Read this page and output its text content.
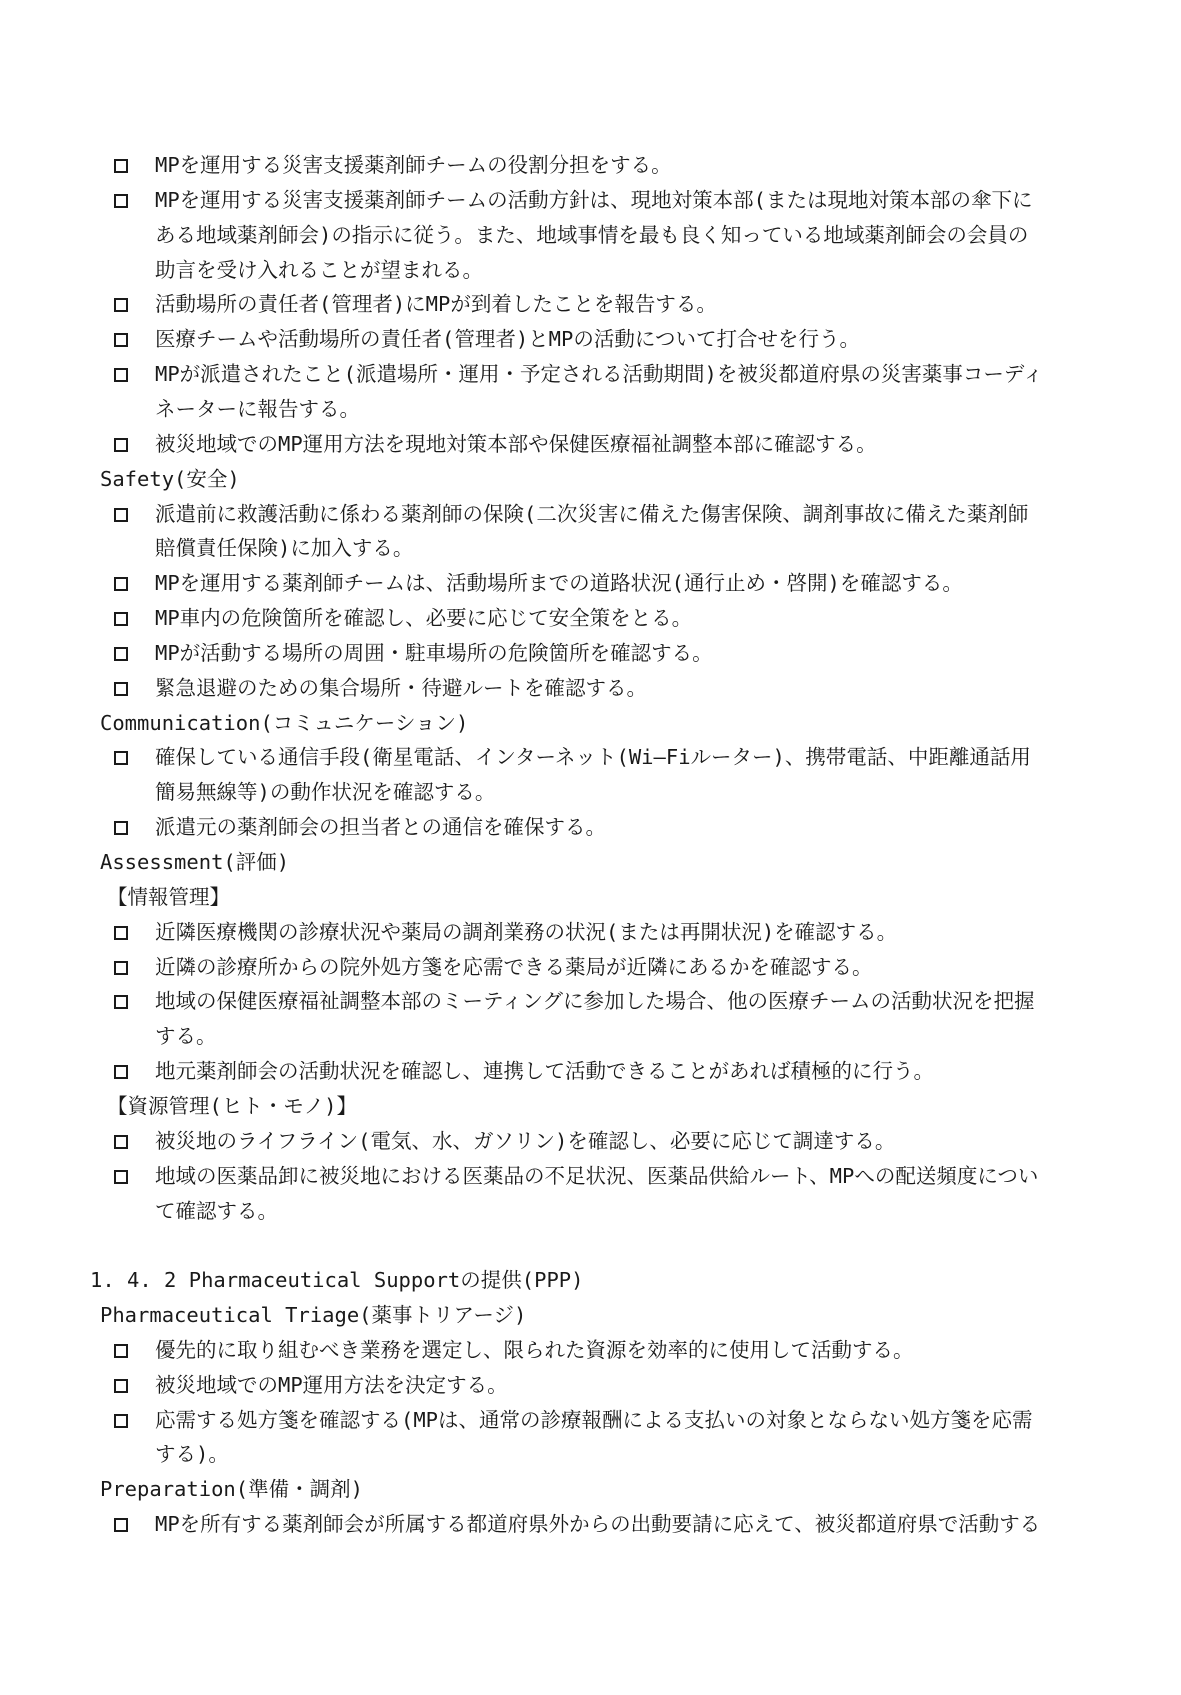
MPを運用する災害支援薬剤師チームの役割分担をする。
MPを運用する災害支援薬剤師チームの活動方針は、現地対策本部(または現地対策本部の傘下に
ある地域薬剤師会)の指示に従う。また、地域事情を最も良く知っている地域薬剤師会の会員の
助言を受け入れることが望まれる。
活動場所の責任者(管理者)にMPが到着したことを報告する。
医療チームや活動場所の責任者(管理者)とMPの活動について打合せを行う。
MPが派遣されたこと(派遣場所・運用・予定される活動期間)を被災都道府県の災害薬事コーディ
ネーターに報告する。
被災地域でのMP運用方法を現地対策本部や保健医療福祉調整本部に確認する。
Safety(安全)
派遣前に救護活動に係わる薬剤師の保険(二次災害に備えた傷害保険、調剤事故に備えた薬剤師
賠償責任保険)に加入する。
MPを運用する薬剤師チームは、活動場所までの道路状況(通行止め・啓開)を確認する。
MP車内の危険箇所を確認し、必要に応じて安全策をとる。
MPが活動する場所の周囲・駐車場所の危険箇所を確認する。
緊急退避のための集合場所・待避ルートを確認する。
Communication(コミュニケーション)
確保している通信手段(衛星電話、インターネット(Wi—Fiルーター)、携帯電話、中距離通話用
簡易無線等)の動作状況を確認する。
派遣元の薬剤師会の担当者との通信を確保する。
Assessment(評価)
【情報管理】
近隣医療機関の診療状況や薬局の調剤業務の状況(または再開状況)を確認する。
近隣の診療所からの院外処方箋を応需できる薬局が近隣にあるかを確認する。
地域の保健医療福祉調整本部のミーティングに参加した場合、他の医療チームの活動状況を把握
する。
地元薬剤師会の活動状況を確認し、連携して活動できることがあれば積極的に行う。
【資源管理(ヒト・モノ)】
被災地のライフライン(電気、水、ガソリン)を確認し、必要に応じて調達する。
地域の医薬品卸に被災地における医薬品の不足状況、医薬品供給ルート、MPへの配送頻度につい
て確認する。
1. 4. 2 Pharmaceutical Supportの提供(PPP)
Pharmaceutical Triage(薬事トリアージ)
優先的に取り組むべき業務を選定し、限られた資源を効率的に使用して活動する。
被災地域でのMP運用方法を決定する。
応需する処方箋を確認する(MPは、通常の診療報酬による支払いの対象とならない処方箋を応需
する)。
Preparation(準備・調剤)
MPを所有する薬剤師会が所属する都道府県外からの出動要請に応えて、被災都道府県で活動する
